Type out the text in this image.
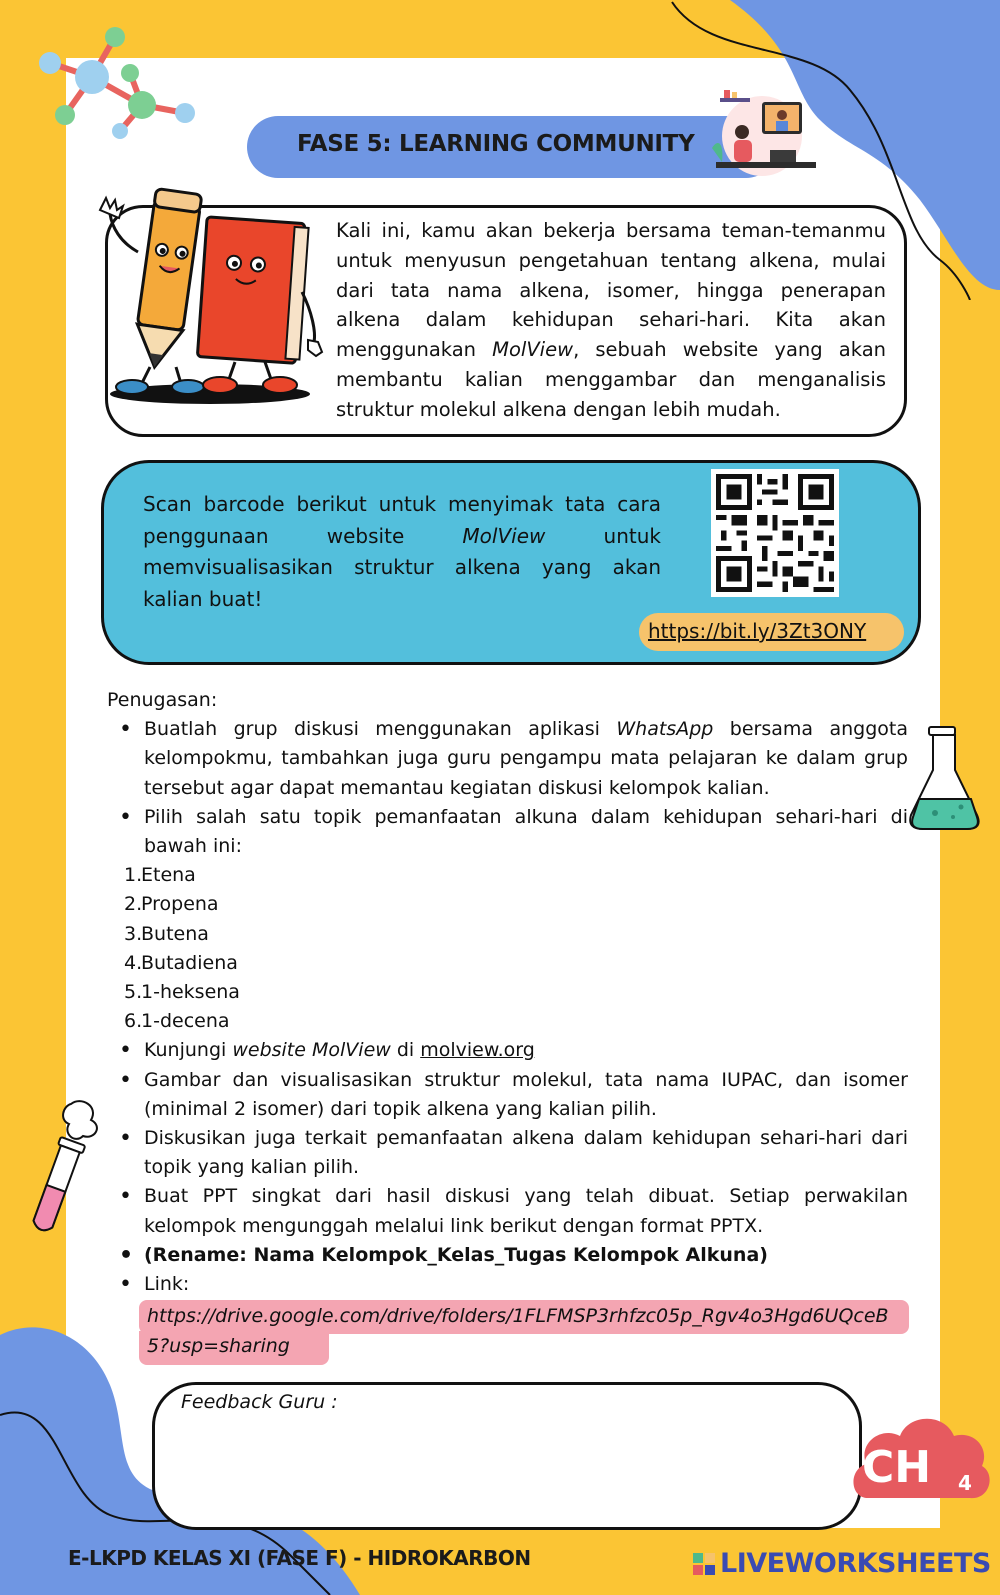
FASE 5: LEARNING COMMUNITY
Kali ini, kamu akan bekerja bersama teman-temanmu untuk menyusun pengetahuan tentang alkena, mulai dari tata nama alkena, isomer, hingga penerapan alkena dalam kehidupan sehari-hari. Kita akan menggunakan MolView, sebuah website yang akan membantu kalian menggambar dan menganalisis struktur molekul alkena dengan lebih mudah.
Scan barcode berikut untuk menyimak tata cara penggunaan website MolView untuk memvisualisasikan struktur alkena yang akan kalian buat!
https://bit.ly/3Zt3ONY

Penugasan:

• Buatlah grup diskusi menggunakan aplikasi WhatsApp bersama anggota kelompokmu, tambahkan juga guru pengampu mata pelajaran ke dalam grup tersebut agar dapat memantau kegiatan diskusi kelompok kalian.
• Pilih salah satu topik pemanfaatan alkuna dalam kehidupan sehari-hari di bawah ini:
1.
Etena
2.
Propena
3.
Butena
4.
Butadiena
5.
1-heksena
6.
1-decena
• Kunjungi website MolView di molview.org
• Gambar dan visualisasikan struktur molekul, tata nama IUPAC, dan isomer (minimal 2 isomer) dari topik alkena yang kalian pilih.
• Diskusikan juga terkait pemanfaatan alkena dalam kehidupan sehari-hari dari topik yang kalian pilih.
• Buat PPT singkat dari hasil diskusi yang telah dibuat. Setiap perwakilan kelompok mengunggah melalui link berikut dengan format PPTX.
• (Rename: Nama Kelompok_Kelas_Tugas Kelompok Alkuna)
• Link:
https://drive.google.com/drive/folders/1FLFMSP3rhfzc05p_Rgv4o3Hgd6UQceB5?usp=sharing
Feedback Guru :
CH 4
E-LKPD KELAS XI (FASE F) - HIDROKARBON	LIVEWORKSHEETS
